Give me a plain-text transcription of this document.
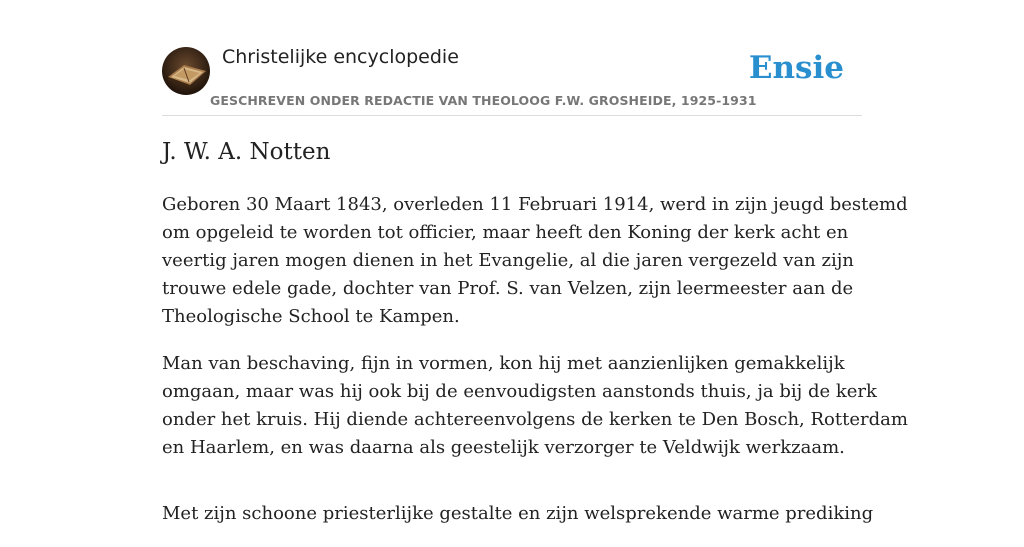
Christelijke encyclopedie
GESCHREVEN ONDER REDACTIE VAN THEOLOOG F.W. GROSHEIDE, 1925-1931
Ensie
J. W. A. Notten

Geboren 30 Maart 1843, overleden 11 Februari 1914, werd in zijn jeugd bestemd
om opgeleid te worden tot officier, maar heeft den Koning der kerk acht en
veertig jaren mogen dienen in het Evangelie, al die jaren vergezeld van zijn
trouwe edele gade, dochter van Prof. S. van Velzen, zijn leermeester aan de
Theologische School te Kampen.

Man van beschaving, fijn in vormen, kon hij met aanzienlijken gemakkelijk
omgaan, maar was hij ook bij de eenvoudigsten aanstonds thuis, ja bij de kerk
onder het kruis. Hij diende achtereenvolgens de kerken te Den Bosch, Rotterdam
en Haarlem, en was daarna als geestelijk verzorger te Veldwijk werkzaam.

Met zijn schoone priesterlijke gestalte en zijn welsprekende warme prediking
